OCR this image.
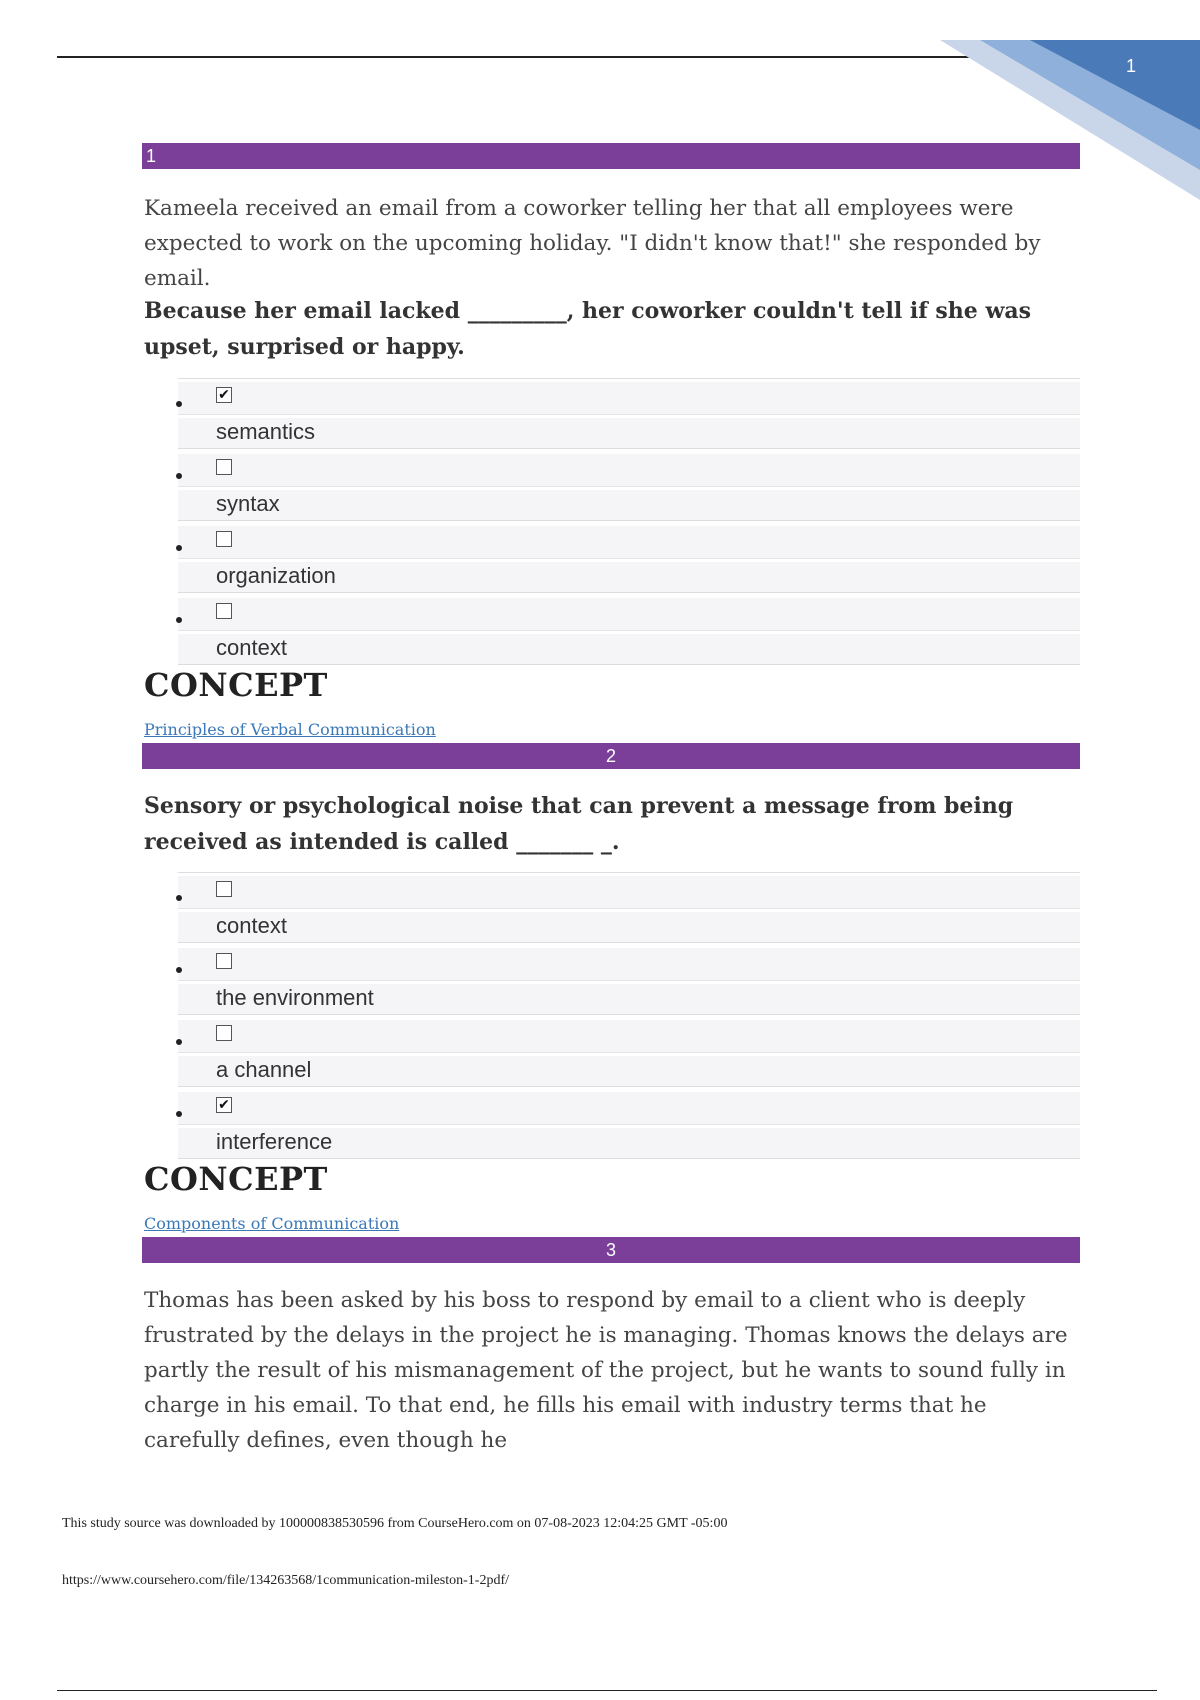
1
1
Kameela received an email from a coworker telling her that all employees were expected to work on the upcoming holiday. "I didn't know that!" she responded by email.
Because her email lacked _________, her coworker couldn't tell if she was upset, surprised or happy.
✔
semantics
syntax
organization
context
CONCEPT
Principles of Verbal Communication
2
Sensory or psychological noise that can prevent a message from being received as intended is called _______ _.
context
the environment
a channel
✔
interference
CONCEPT
Components of Communication
3
Thomas has been asked by his boss to respond by email to a client who is deeply frustrated by the delays in the project he is managing. Thomas knows the delays are partly the result of his mismanagement of the project, but he wants to sound fully in charge in his email. To that end, he fills his email with industry terms that he carefully defines, even though he
This study source was downloaded by 100000838530596 from CourseHero.com on 07-08-2023 12:04:25 GMT -05:00
https://www.coursehero.com/file/134263568/1communication-mileston-1-2pdf/
